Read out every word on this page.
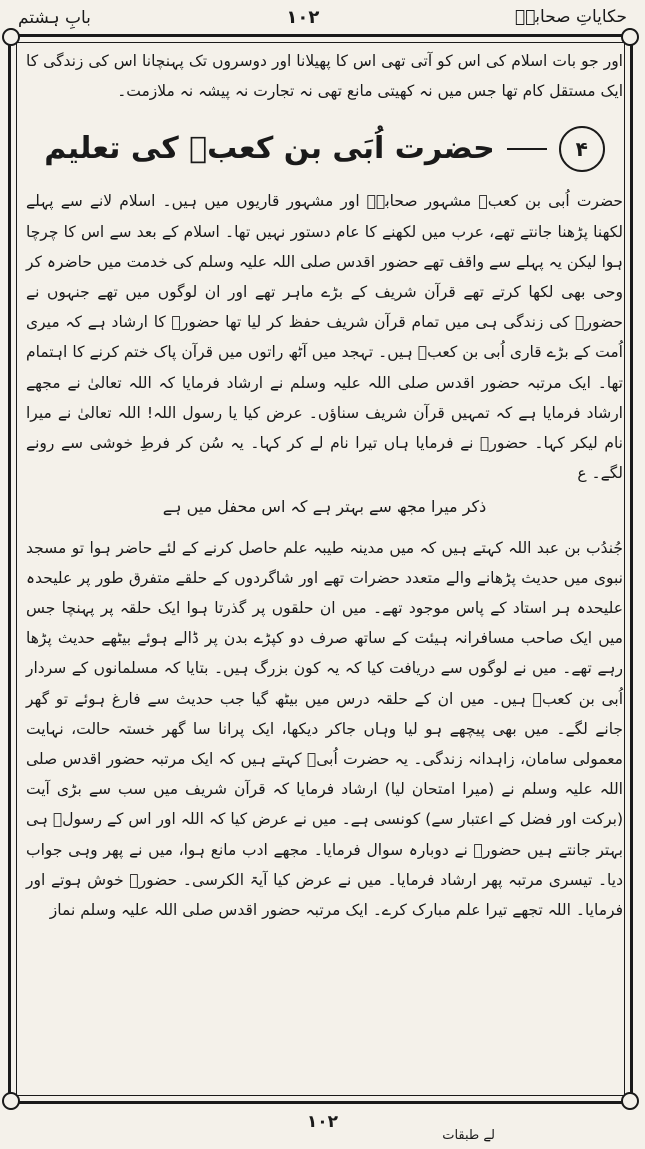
حکایاتِ صحابہؓ
۱۰۲
بابِ ہشتم

اور جو بات اسلام کی اس کو آتی تھی اس کا پھیلانا اور دوسروں تک پہنچانا اس کی زندگی کا ایک مستقل کام تھا جس میں نہ کھیتی مانع تھی نہ تجارت نہ پیشہ نہ ملازمت۔

۴
حضرت اُبَی بن کعبؓ کی تعلیم

حضرت اُبی بن کعبؓ مشہور صحابہؓ اور مشہور قاریوں میں ہیں۔ اسلام لانے سے پہلے لکھنا پڑھنا جانتے تھے، عرب میں لکھنے کا عام دستور نہیں تھا۔ اسلام کے بعد سے اس کا چرچا ہوا لیکن یہ پہلے سے واقف تھے حضور اقدس صلی اللہ علیہ وسلم کی خدمت میں حاضرہ کر وحی بھی لکھا کرتے تھے قرآن شریف کے بڑے ماہر تھے اور ان لوگوں میں تھے جنہوں نے حضورؐ کی زندگی ہی میں تمام قرآن شریف حفظ کر لیا تھا حضورؐ کا ارشاد ہے کہ میری اُمت کے بڑے قاری اُبی بن کعبؓ ہیں۔ تہجد میں آٹھ راتوں میں قرآن پاک ختم کرنے کا اہتمام تھا۔ ایک مرتبہ حضور اقدس صلی اللہ علیہ وسلم نے ارشاد فرمایا کہ اللہ تعالیٰ نے مجھے ارشاد فرمایا ہے کہ تمہیں قرآن شریف سناؤں۔ عرض کیا یا رسول اللہ! اللہ تعالیٰ نے میرا نام لیکر کہا۔ حضورؐ نے فرمایا ہاں تیرا نام لے کر کہا۔ یہ سُن کر فرطِ خوشی سے رونے لگے۔ ع

ذکر میرا مجھ سے بہتر ہے کہ اس محفل میں ہے

جُندُب بن عبد اللہ کہتے ہیں کہ میں مدینہ طیبہ علم حاصل کرنے کے لئے حاضر ہوا تو مسجد نبوی میں حدیث پڑھانے والے متعدد حضرات تھے اور شاگردوں کے حلقے متفرق طور پر علیحدہ علیحدہ ہر استاد کے پاس موجود تھے۔ میں ان حلقوں پر گذرتا ہوا ایک حلقہ پر پہنچا جس میں ایک صاحب مسافرانہ ہیئت کے ساتھ صرف دو کپڑے بدن پر ڈالے ہوئے بیٹھے حدیث پڑھا رہے تھے۔ میں نے لوگوں سے دریافت کیا کہ یہ کون بزرگ ہیں۔ بتایا کہ مسلمانوں کے سردار اُبی بن کعبؓ ہیں۔ میں ان کے حلقہ درس میں بیٹھ گیا جب حدیث سے فارغ ہوئے تو گھر جانے لگے۔ میں بھی پیچھے ہو لیا وہاں جاکر دیکھا، ایک پرانا سا گھر خستہ حالت، نہایت معمولی سامان، زاہدانہ زندگی۔ یہ حضرت اُبیؓ کہتے ہیں کہ ایک مرتبہ حضور اقدس صلی اللہ علیہ وسلم نے (میرا امتحان لیا) ارشاد فرمایا کہ قرآن شریف میں سب سے بڑی آیت (برکت اور فضل کے اعتبار سے) کونسی ہے۔ میں نے عرض کیا کہ اللہ اور اس کے رسولؐ ہی بہتر جانتے ہیں حضورؐ نے دوبارہ سوال فرمایا۔ مجھے ادب مانع ہوا، میں نے پھر وہی جواب دیا۔ تیسری مرتبہ پھر ارشاد فرمایا۔ میں نے عرض کیا آیۃ الکرسی۔ حضورؐ خوش ہوتے اور فرمایا۔ اللہ تجھے تیرا علم مبارک کرے۔ ایک مرتبہ حضور اقدس صلی اللہ علیہ وسلم نماز

۱۰۲
لے طبقات
